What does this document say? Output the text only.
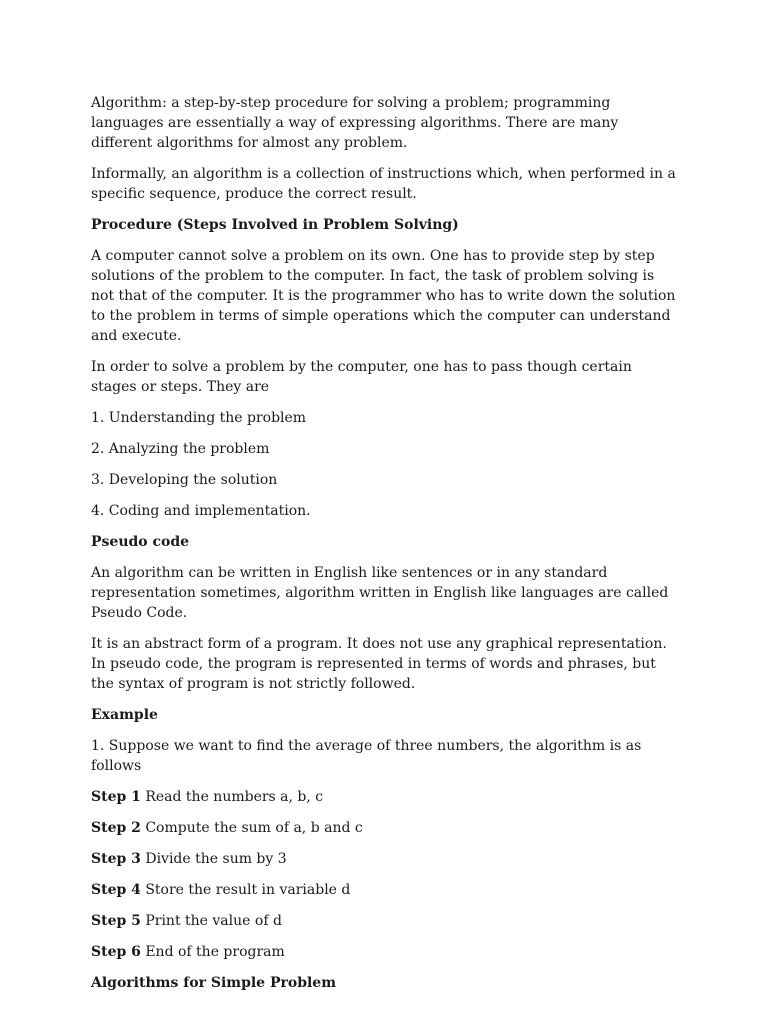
Algorithm: a step-by-step procedure for solving a problem; programming languages are essentially a way of expressing algorithms. There are many different algorithms for almost any problem.

Informally, an algorithm is a collection of instructions which, when performed in a specific sequence, produce the correct result.

Procedure (Steps Involved in Problem Solving)

A computer cannot solve a problem on its own. One has to provide step by step solutions of the problem to the computer. In fact, the task of problem solving is not that of the computer. It is the programmer who has to write down the solution to the problem in terms of simple operations which the computer can understand and execute.

In order to solve a problem by the computer, one has to pass though certain stages or steps. They are

1. Understanding the problem

2. Analyzing the problem

3. Developing the solution

4. Coding and implementation.

Pseudo code

An algorithm can be written in English like sentences or in any standard representation sometimes, algorithm written in English like languages are called Pseudo Code.

It is an abstract form of a program. It does not use any graphical representation. In pseudo code, the program is represented in terms of words and phrases, but the syntax of program is not strictly followed.

Example

1. Suppose we want to find the average of three numbers, the algorithm is as follows

Step 1 Read the numbers a, b, c

Step 2 Compute the sum of a, b and c

Step 3 Divide the sum by 3

Step 4 Store the result in variable d

Step 5 Print the value of d

Step 6 End of the program

Algorithms for Simple Problem
